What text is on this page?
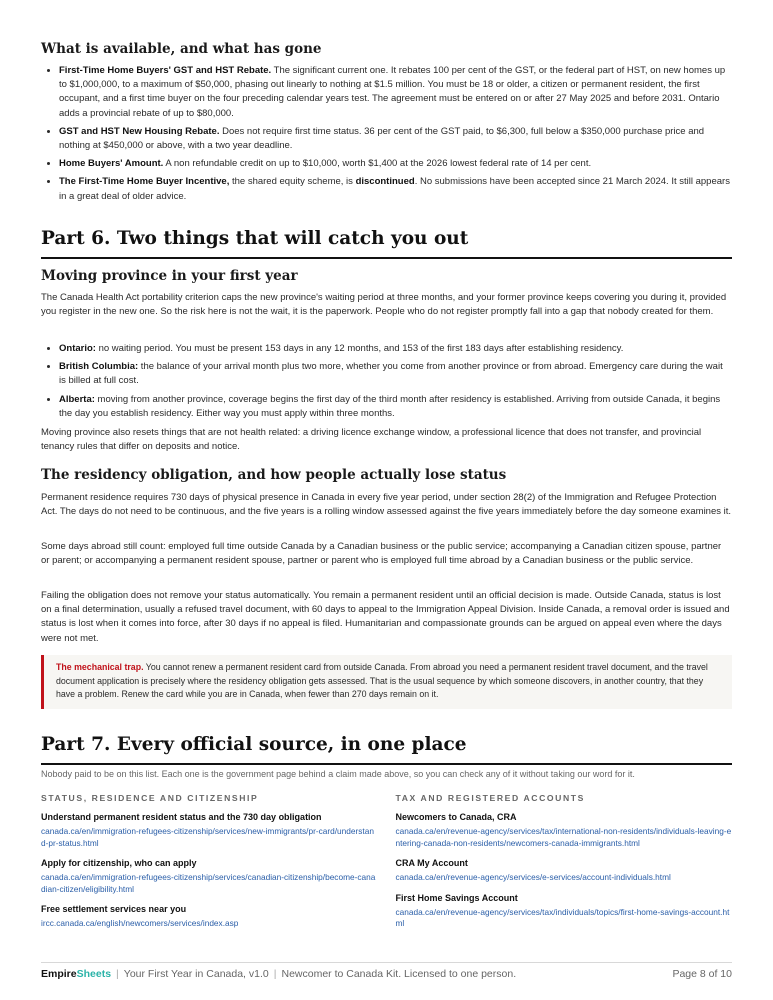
What is available, and what has gone
• First-Time Home Buyers' GST and HST Rebate. The significant current one. It rebates 100 per cent of the GST, or the federal part of HST, on new homes up to $1,000,000, to a maximum of $50,000, phasing out linearly to nothing at $1.5 million. You must be 18 or older, a citizen or permanent resident, the first occupant, and a first time buyer on the four preceding calendar years test. The agreement must be entered on or after 27 May 2025 and before 2031. Ontario adds a provincial rebate of up to $80,000.
• GST and HST New Housing Rebate. Does not require first time status. 36 per cent of the GST paid, to $6,300, full below a $350,000 purchase price and nothing at $450,000 or above, with a two year deadline.
• Home Buyers' Amount. A non refundable credit on up to $10,000, worth $1,400 at the 2026 lowest federal rate of 14 per cent.
• The First-Time Home Buyer Incentive, the shared equity scheme, is discontinued. No submissions have been accepted since 21 March 2024. It still appears in a great deal of older advice.
Part 6. Two things that will catch you out
Moving province in your first year

The Canada Health Act portability criterion caps the new province's waiting period at three months, and your former province keeps covering you during it, provided you register in the new one. So the risk here is not the wait, it is the paperwork. People who do not register promptly fall into a gap that nobody created for them.

• Ontario: no waiting period. You must be present 153 days in any 12 months, and 153 of the first 183 days after establishing residency.
• British Columbia: the balance of your arrival month plus two more, whether you come from another province or from abroad. Emergency care during the wait is billed at full cost.
• Alberta: moving from another province, coverage begins the first day of the third month after residency is established. Arriving from outside Canada, it begins the day you establish residency. Either way you must apply within three months.

Moving province also resets things that are not health related: a driving licence exchange window, a professional licence that does not transfer, and provincial tenancy rules that differ on deposits and notice.

The residency obligation, and how people actually lose status

Permanent residence requires 730 days of physical presence in Canada in every five year period, under section 28(2) of the Immigration and Refugee Protection Act. The days do not need to be continuous, and the five years is a rolling window assessed against the five years immediately before the day someone examines it.

Some days abroad still count: employed full time outside Canada by a Canadian business or the public service; accompanying a Canadian citizen spouse, partner or parent; or accompanying a permanent resident spouse, partner or parent who is employed full time abroad by a Canadian business or the public service.

Failing the obligation does not remove your status automatically. You remain a permanent resident until an official decision is made. Outside Canada, status is lost on a final determination, usually a refused travel document, with 60 days to appeal to the Immigration Appeal Division. Inside Canada, a removal order is issued and status is lost when it comes into force, after 30 days if no appeal is filed. Humanitarian and compassionate grounds can be argued on appeal even where the days were not met.

The mechanical trap. You cannot renew a permanent resident card from outside Canada. From abroad you need a permanent resident travel document, and the travel document application is precisely where the residency obligation gets assessed. That is the usual sequence by which someone discovers, in another country, that they have a problem. Renew the card while you are in Canada, when fewer than 270 days remain on it.
Part 7. Every official source, in one place

Nobody paid to be on this list. Each one is the government page behind a claim made above, so you can check any of it without taking our word for it.

STATUS, RESIDENCE AND CITIZENSHIP
Understand permanent resident status and the 730 day obligation
canada.ca/en/immigration-refugees-citizenship/services/new-immigrants/pr-card/understand-pr-status.html
Apply for citizenship, who can apply
canada.ca/en/immigration-refugees-citizenship/services/canadian-citizenship/become-canadian-citizen/eligibility.html
Free settlement services near you
ircc.canada.ca/english/newcomers/services/index.asp
TAX AND REGISTERED ACCOUNTS
Newcomers to Canada, CRA
canada.ca/en/revenue-agency/services/tax/international-non-residents/individuals-leaving-entering-canada-non-residents/newcomers-canada-immigrants.html
CRA My Account
canada.ca/en/revenue-agency/services/e-services/account-individuals.html
First Home Savings Account
canada.ca/en/revenue-agency/services/tax/individuals/topics/first-home-savings-account.html
EmpireSheets | Your First Year in Canada, v1.0 | Newcomer to Canada Kit. Licensed to one person.	Page 8 of 10
